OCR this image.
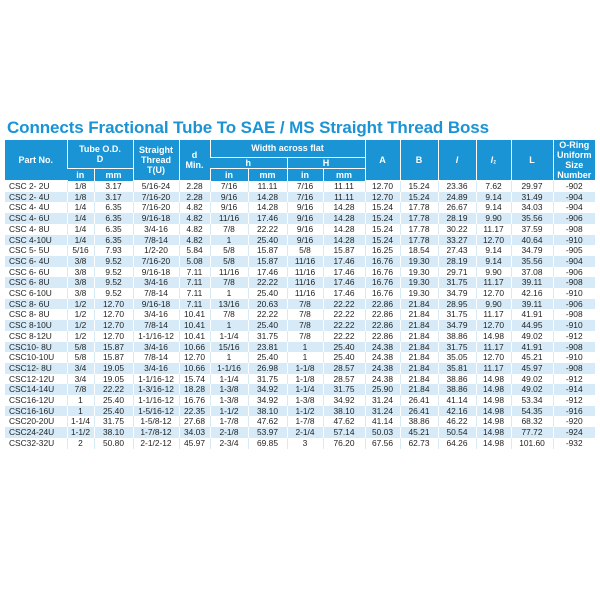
Connects Fractional Tube To SAE / MS Straight Thread Boss
Part No.	Tube O.D.
D		Straight
Thread
T(U)	d
Min.	Width across flat				A	B	l	l₁	L	O-Ring
Uniform
Size Number
					h		H							
	in	mm			in	mm	in	mm						
CSC 2- 2U	1/8	3.17	5/16-24	2.28	7/16	11.11	7/16	11.11	12.70	15.24	23.36	7.62	29.97	-902
CSC 2- 4U	1/8	3.17	7/16-20	2.28	9/16	14.28	7/16	11.11	12.70	15.24	24.89	9.14	31.49	-904
CSC 4- 4U	1/4	6.35	7/16-20	4.82	9/16	14.28	9/16	14.28	15.24	17.78	26.67	9.14	34.03	-904
CSC 4- 6U	1/4	6.35	9/16-18	4.82	11/16	17.46	9/16	14.28	15.24	17.78	28.19	9.90	35.56	-906
CSC 4- 8U	1/4	6.35	3/4-16	4.82	7/8	22.22	9/16	14.28	15.24	17.78	30.22	11.17	37.59	-908
CSC 4-10U	1/4	6.35	7/8-14	4.82	1	25.40	9/16	14.28	15.24	17.78	33.27	12.70	40.64	-910
CSC 5- 5U	5/16	7.93	1/2-20	5.84	5/8	15.87	5/8	15.87	16.25	18.54	27.43	9.14	34.79	-905
CSC 6- 4U	3/8	9.52	7/16-20	5.08	5/8	15.87	11/16	17.46	16.76	19.30	28.19	9.14	35.56	-904
CSC 6- 6U	3/8	9.52	9/16-18	7.11	11/16	17.46	11/16	17.46	16.76	19.30	29.71	9.90	37.08	-906
CSC 6- 8U	3/8	9.52	3/4-16	7.11	7/8	22.22	11/16	17.46	16.76	19.30	31.75	11.17	39.11	-908
CSC 6-10U	3/8	9.52	7/8-14	7.11	1	25.40	11/16	17.46	16.76	19.30	34.79	12.70	42.16	-910
CSC 8- 6U	1/2	12.70	9/16-18	7.11	13/16	20.63	7/8	22.22	22.86	21.84	28.95	9.90	39.11	-906
CSC 8- 8U	1/2	12.70	3/4-16	10.41	7/8	22.22	7/8	22.22	22.86	21.84	31.75	11.17	41.91	-908
CSC 8-10U	1/2	12.70	7/8-14	10.41	1	25.40	7/8	22.22	22.86	21.84	34.79	12.70	44.95	-910
CSC 8-12U	1/2	12.70	1-1/16-12	10.41	1-1/4	31.75	7/8	22.22	22.86	21.84	38.86	14.98	49.02	-912
CSC10- 8U	5/8	15.87	3/4-16	10.66	15/16	23.81	1	25.40	24.38	21.84	31.75	11.17	41.91	-908
CSC10-10U	5/8	15.87	7/8-14	12.70	1	25.40	1	25.40	24.38	21.84	35.05	12.70	45.21	-910
CSC12- 8U	3/4	19.05	3/4-16	10.66	1-1/16	26.98	1-1/8	28.57	24.38	21.84	35.81	11.17	45.97	-908
CSC12-12U	3/4	19.05	1-1/16-12	15.74	1-1/4	31.75	1-1/8	28.57	24.38	21.84	38.86	14.98	49.02	-912
CSC14-14U	7/8	22.22	1-3/16-12	18.28	1-3/8	34.92	1-1/4	31.75	25.90	21.84	38.86	14.98	49.02	-914
CSC16-12U	1	25.40	1-1/16-12	16.76	1-3/8	34.92	1-3/8	34.92	31.24	26.41	41.14	14.98	53.34	-912
CSC16-16U	1	25.40	1-5/16-12	22.35	1-1/2	38.10	1-1/2	38.10	31.24	26.41	42.16	14.98	54.35	-916
CSC20-20U	1-1/4	31.75	1-5/8-12	27.68	1-7/8	47.62	1-7/8	47.62	41.14	38.86	46.22	14.98	68.32	-920
CSC24-24U	1-1/2	38.10	1-7/8-12	34.03	2-1/8	53.97	2-1/4	57.14	50.03	45.21	50.54	14.98	77.72	-924
CSC32-32U	2	50.80	2-1/2-12	45.97	2-3/4	69.85	3	76.20	67.56	62.73	64.26	14.98	101.60	-932
